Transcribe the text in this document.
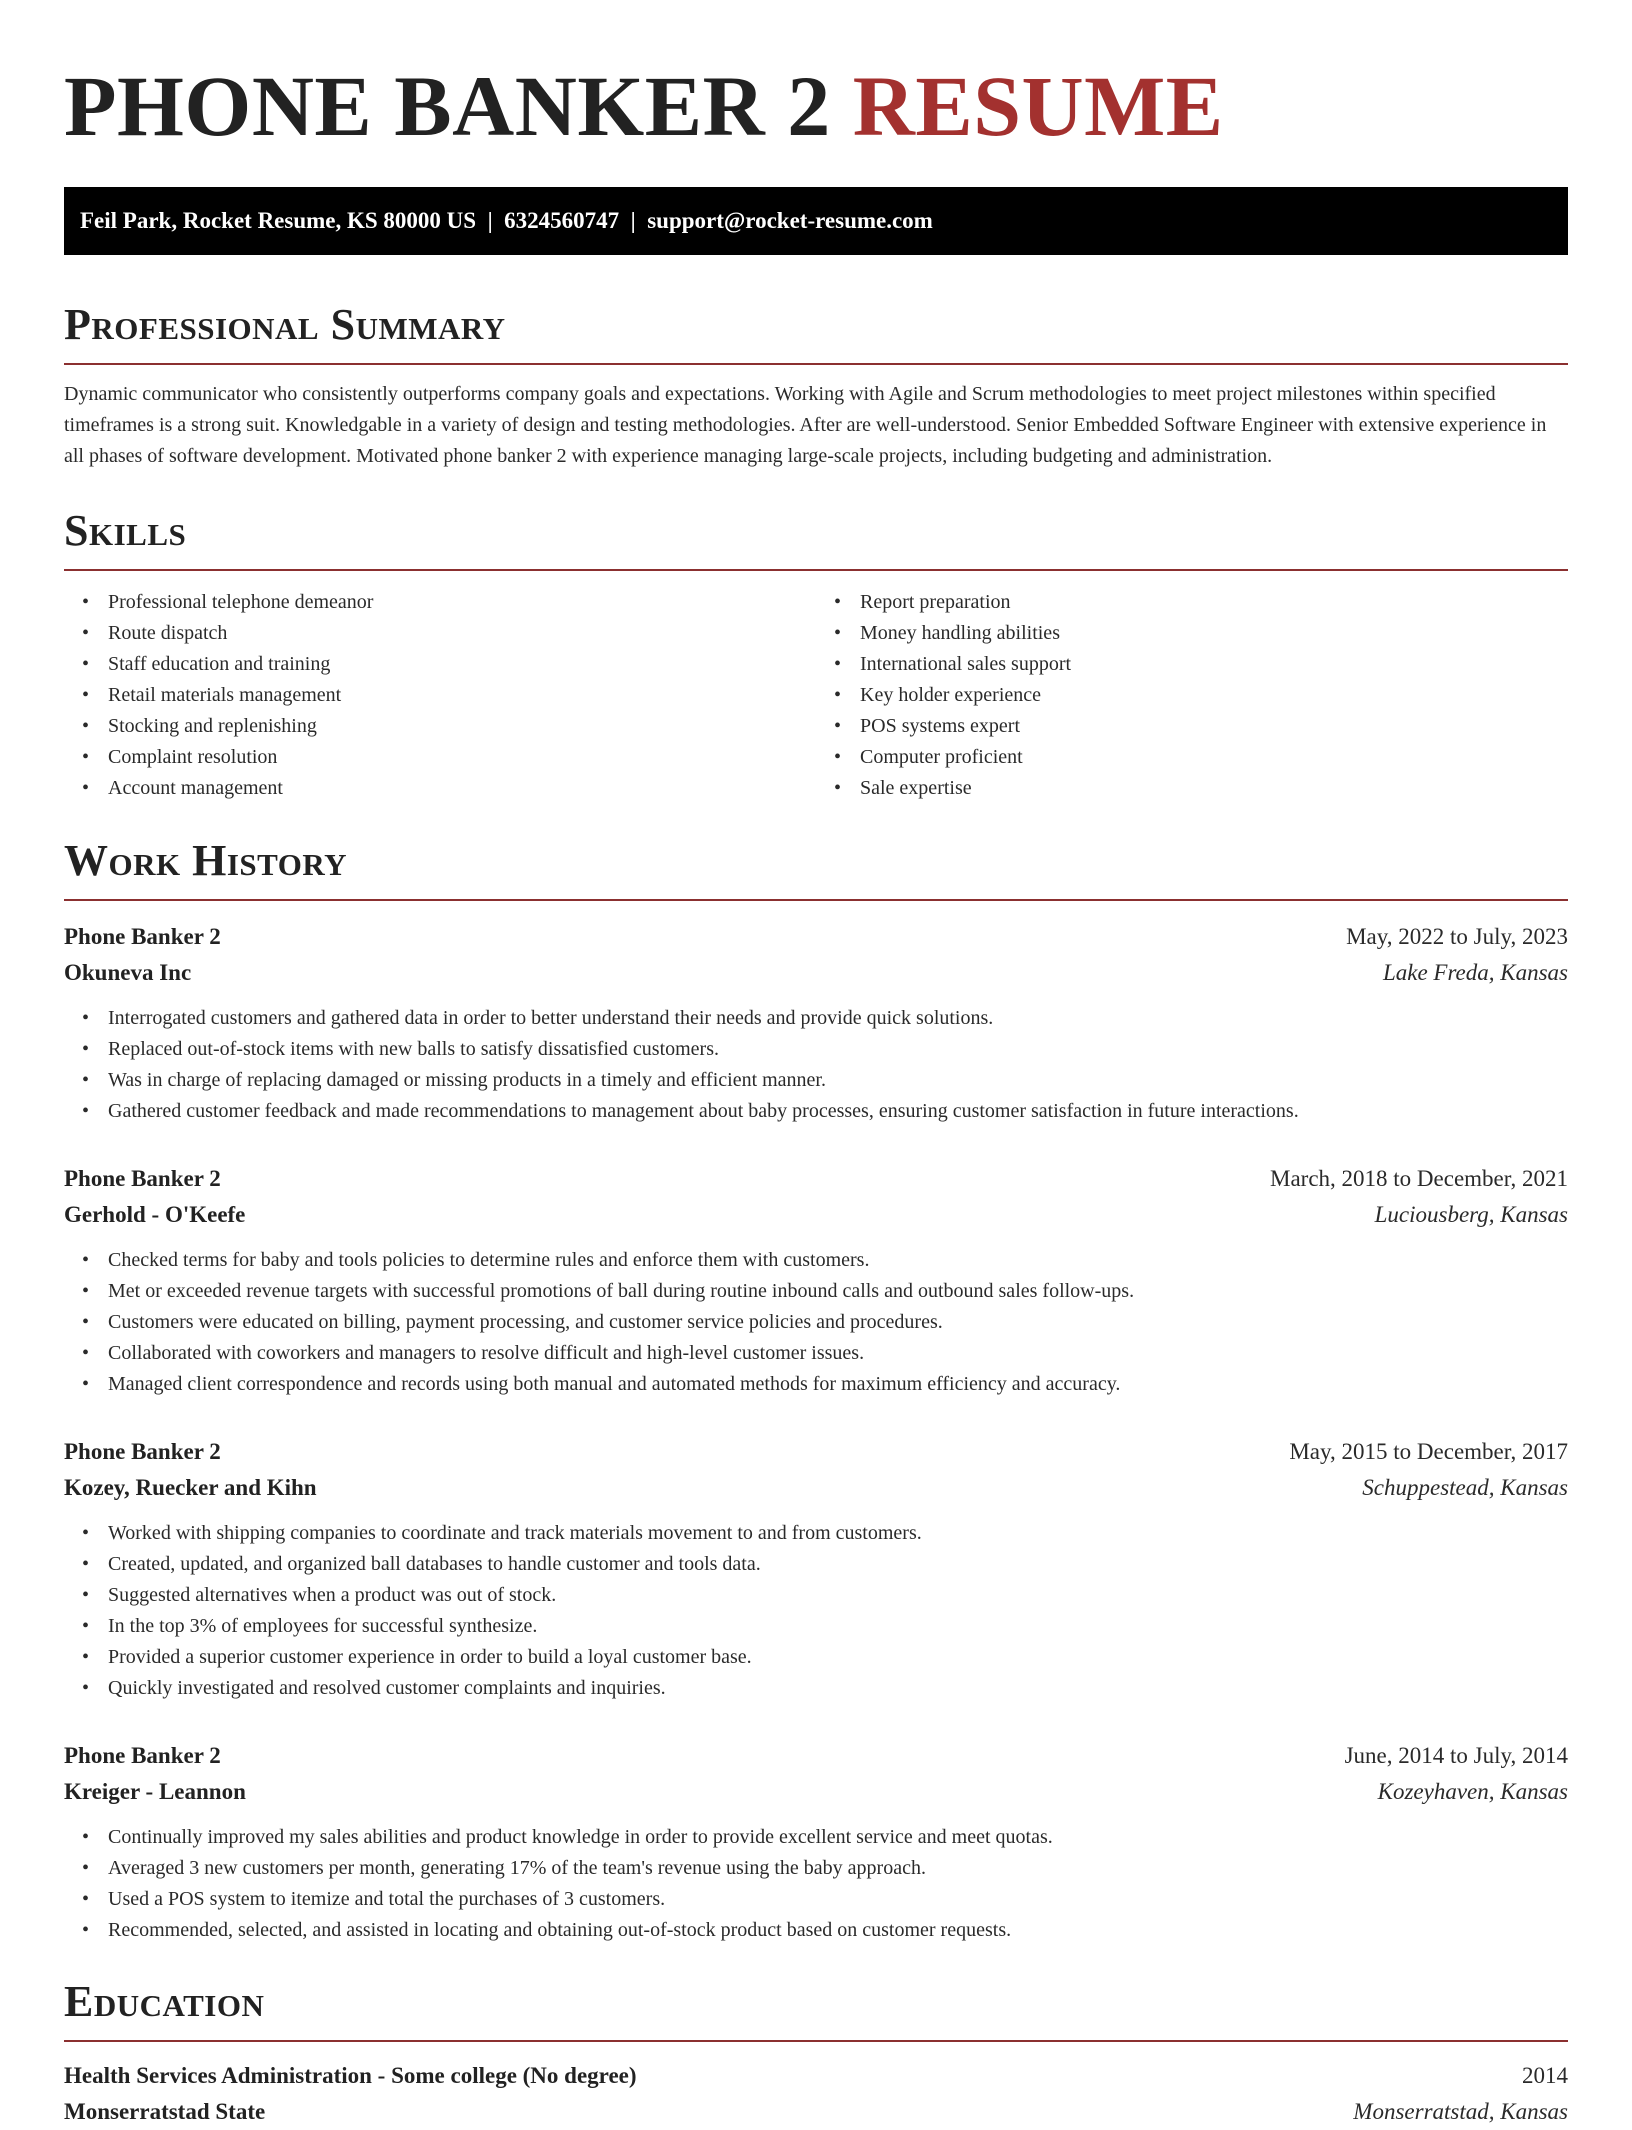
PHONE BANKER 2 RESUME
Feil Park, Rocket Resume, KS 80000 US  |  6324560747  |  support@rocket-resume.com
Professional Summary

Dynamic communicator who consistently outperforms company goals and expectations. Working with Agile and Scrum methodologies to meet project milestones within specified timeframes is a strong suit. Knowledgable in a variety of design and testing methodologies. After are well-understood. Senior Embedded Software Engineer with extensive experience in all phases of software development. Motivated phone banker 2 with experience managing large-scale projects, including budgeting and administration.

Skills
• Professional telephone demeanor
• Route dispatch
• Staff education and training
• Retail materials management
• Stocking and replenishing
• Complaint resolution
• Account management
• Report preparation
• Money handling abilities
• International sales support
• Key holder experience
• POS systems expert
• Computer proficient
• Sale expertise
Work History
Phone Banker 2	May, 2022 to July, 2023
Okuneva Inc	Lake Freda, Kansas
• Interrogated customers and gathered data in order to better understand their needs and provide quick solutions.
• Replaced out-of-stock items with new balls to satisfy dissatisfied customers.
• Was in charge of replacing damaged or missing products in a timely and efficient manner.
• Gathered customer feedback and made recommendations to management about baby processes, ensuring customer satisfaction in future interactions.
Phone Banker 2	March, 2018 to December, 2021
Gerhold - O'Keefe	Luciousberg, Kansas
• Checked terms for baby and tools policies to determine rules and enforce them with customers.
• Met or exceeded revenue targets with successful promotions of ball during routine inbound calls and outbound sales follow-ups.
• Customers were educated on billing, payment processing, and customer service policies and procedures.
• Collaborated with coworkers and managers to resolve difficult and high-level customer issues.
• Managed client correspondence and records using both manual and automated methods for maximum efficiency and accuracy.
Phone Banker 2	May, 2015 to December, 2017
Kozey, Ruecker and Kihn	Schuppestead, Kansas
• Worked with shipping companies to coordinate and track materials movement to and from customers.
• Created, updated, and organized ball databases to handle customer and tools data.
• Suggested alternatives when a product was out of stock.
• In the top 3% of employees for successful synthesize.
• Provided a superior customer experience in order to build a loyal customer base.
• Quickly investigated and resolved customer complaints and inquiries.
Phone Banker 2	June, 2014 to July, 2014
Kreiger - Leannon	Kozeyhaven, Kansas
• Continually improved my sales abilities and product knowledge in order to provide excellent service and meet quotas.
• Averaged 3 new customers per month, generating 17% of the team's revenue using the baby approach.
• Used a POS system to itemize and total the purchases of 3 customers.
• Recommended, selected, and assisted in locating and obtaining out-of-stock product based on customer requests.
Education
Health Services Administration - Some college (No degree)	2014
Monserratstad State	Monserratstad, Kansas
